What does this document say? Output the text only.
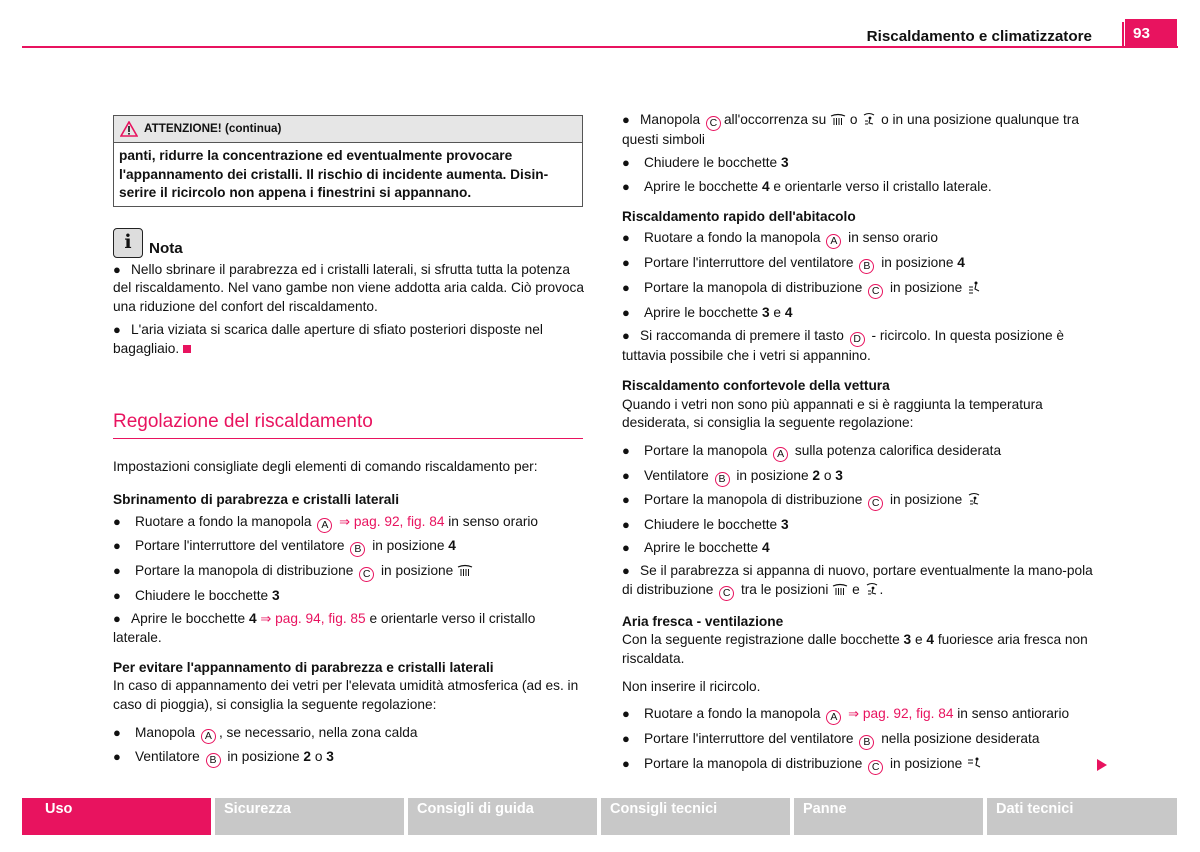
Riscaldamento e climatizzatore	93
ATTENZIONE! (continua)
panti, ridurre la concentrazione ed eventualmente provocare
l'appannamento dei cristalli. Il rischio di incidente aumenta. Disin-
serire il ricircolo non appena i finestrini si appannano.
i	Nota

● Nello sbrinare il parabrezza ed i cristalli laterali, si sfrutta tutta la potenza del riscaldamento. Nel vano gambe non viene addotta aria calda. Ciò provoca una riduzione del confort del riscaldamento.

● L'aria viziata si scarica dalle aperture di sfiato posteriori disposte nel bagagliaio.

Regolazione del riscaldamento

Impostazioni consigliate degli elementi di comando riscaldamento per:

Sbrinamento di parabrezza e cristalli laterali

●	Ruotare a fondo la manopola A ⇒ pag. 92, fig. 84 in senso orario

●	Portare l'interruttore del ventilatore B in posizione 4

●	Portare la manopola di distribuzione C in posizione

●	Chiudere le bocchette 3

● Aprire le bocchette 4 ⇒ pag. 94, fig. 85 e orientarle verso il cristallo laterale.

Per evitare l'appannamento di parabrezza e cristalli laterali

In caso di appannamento dei vetri per l'elevata umidità atmosferica (ad es. in caso di pioggia), si consiglia la seguente regolazione:

●	Manopola A , se necessario, nella zona calda

●	Ventilatore B in posizione 2 o 3

● Manopola C all'occorrenza su o o in una posizione qualunque tra questi simboli

●	Chiudere le bocchette 3

●	Aprire le bocchette 4 e orientarle verso il cristallo laterale.

Riscaldamento rapido dell'abitacolo

●	Ruotare a fondo la manopola A in senso orario

●	Portare l'interruttore del ventilatore B in posizione 4

●	Portare la manopola di distribuzione C in posizione

●	Aprire le bocchette 3 e 4

● Si raccomanda di premere il tasto D - ricircolo. In questa posizione è tuttavia possibile che i vetri si appannino.

Riscaldamento confortevole della vettura

Quando i vetri non sono più appannati e si è raggiunta la temperatura desiderata, si consiglia la seguente regolazione:

●	Portare la manopola A sulla potenza calorifica desiderata

●	Ventilatore B in posizione 2 o 3

●	Portare la manopola di distribuzione C in posizione

●	Chiudere le bocchette 3

●	Aprire le bocchette 4

● Se il parabrezza si appanna di nuovo, portare eventualmente la mano-pola di distribuzione C tra le posizioni e .

Aria fresca - ventilazione

Con la seguente registrazione dalle bocchette 3 e 4 fuoriesce aria fresca non riscaldata.

Non inserire il ricircolo.

●	Ruotare a fondo la manopola A ⇒ pag. 92, fig. 84 in senso antiorario

●	Portare l'interruttore del ventilatore B nella posizione desiderata

●	Portare la manopola di distribuzione C in posizione

Uso	Sicurezza	Consigli di guida	Consigli tecnici	Panne	Dati tecnici
